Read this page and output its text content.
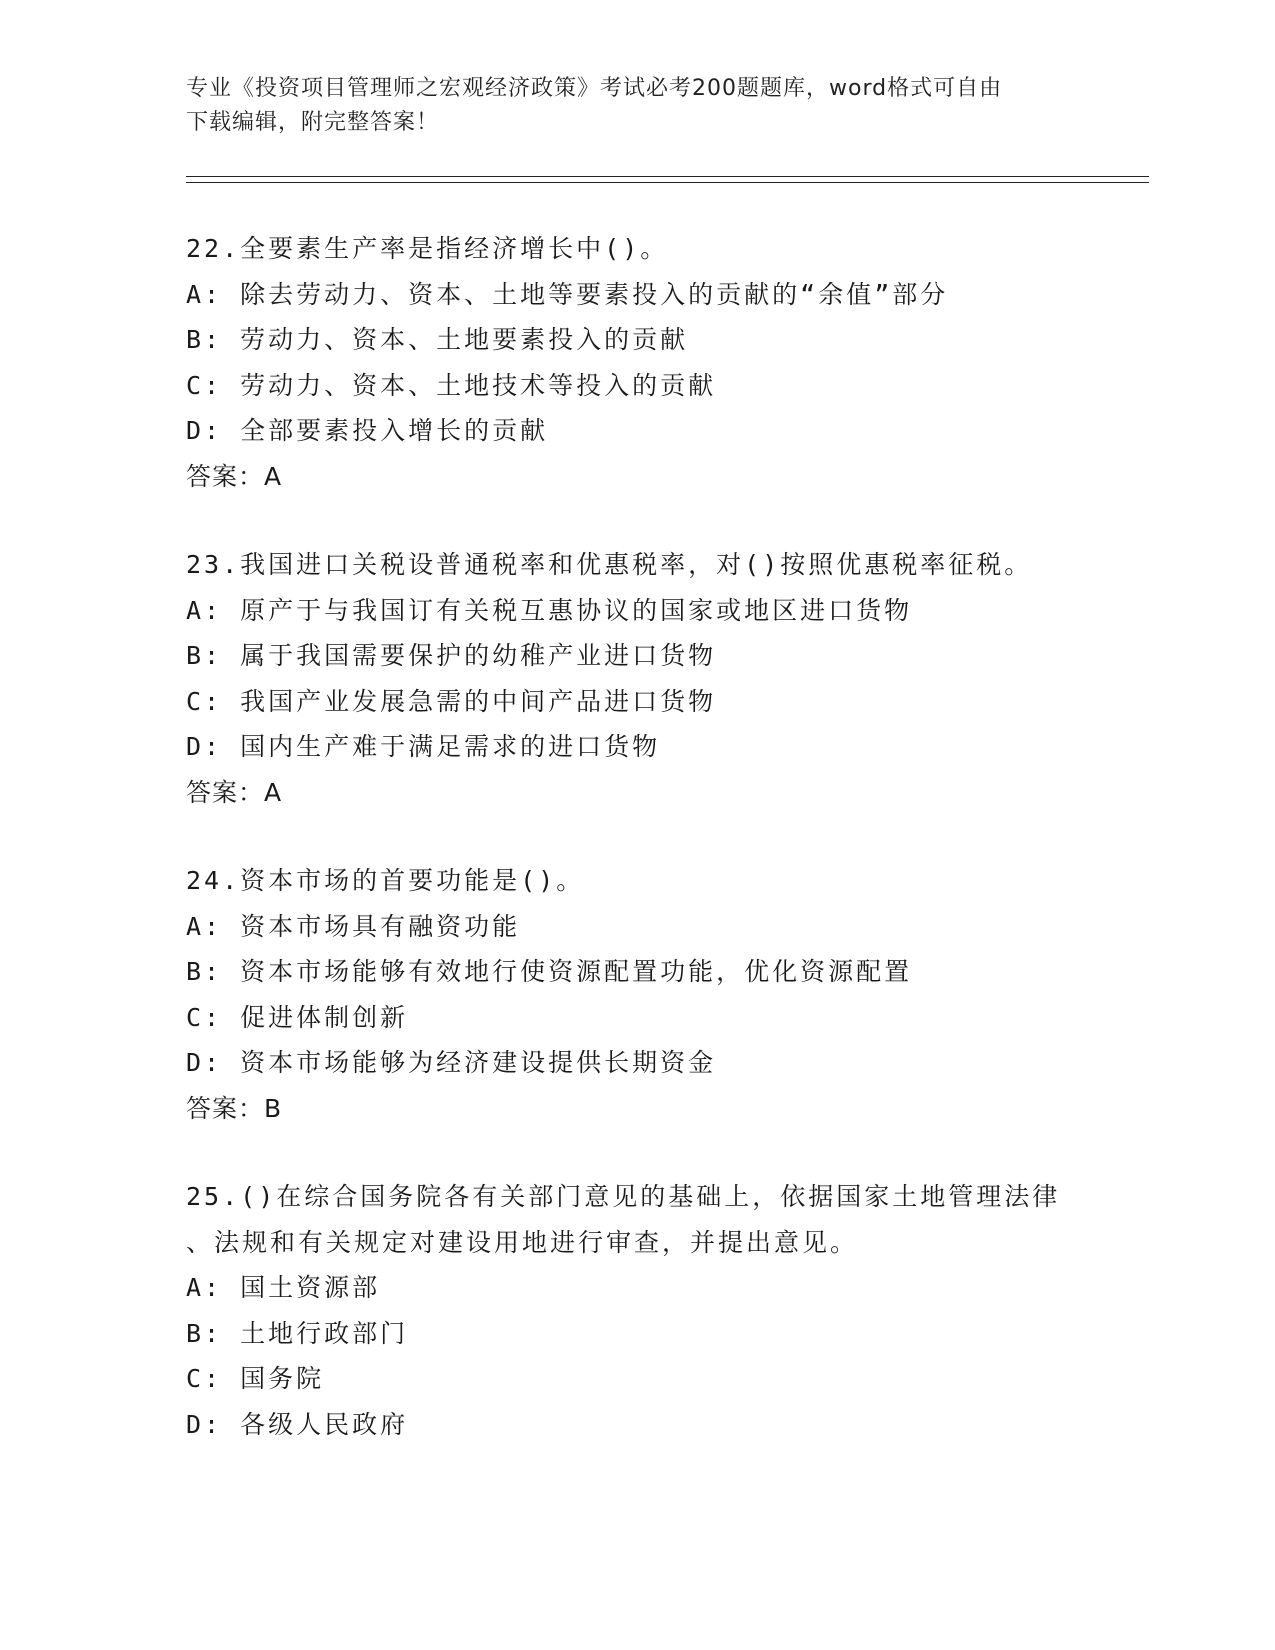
专业《投资项目管理师之宏观经济政策》考试必考200题题库，word格式可自由
下载编辑，附完整答案！
22.全要素生产率是指经济增长中()。
A: 除去劳动力、资本、土地等要素投入的贡献的“余值”部分
B: 劳动力、资本、土地要素投入的贡献
C: 劳动力、资本、土地技术等投入的贡献
D: 全部要素投入增长的贡献
答案：A
23.我国进口关税设普通税率和优惠税率，对()按照优惠税率征税。
A: 原产于与我国订有关税互惠协议的国家或地区进口货物
B: 属于我国需要保护的幼稚产业进口货物
C: 我国产业发展急需的中间产品进口货物
D: 国内生产难于满足需求的进口货物
答案：A
24.资本市场的首要功能是()。
A: 资本市场具有融资功能
B: 资本市场能够有效地行使资源配置功能，优化资源配置
C: 促进体制创新
D: 资本市场能够为经济建设提供长期资金
答案：B
25.()在综合国务院各有关部门意见的基础上，依据国家土地管理法律
、法规和有关规定对建设用地进行审查，并提出意见。
A: 国土资源部
B: 土地行政部门
C: 国务院
D: 各级人民政府
